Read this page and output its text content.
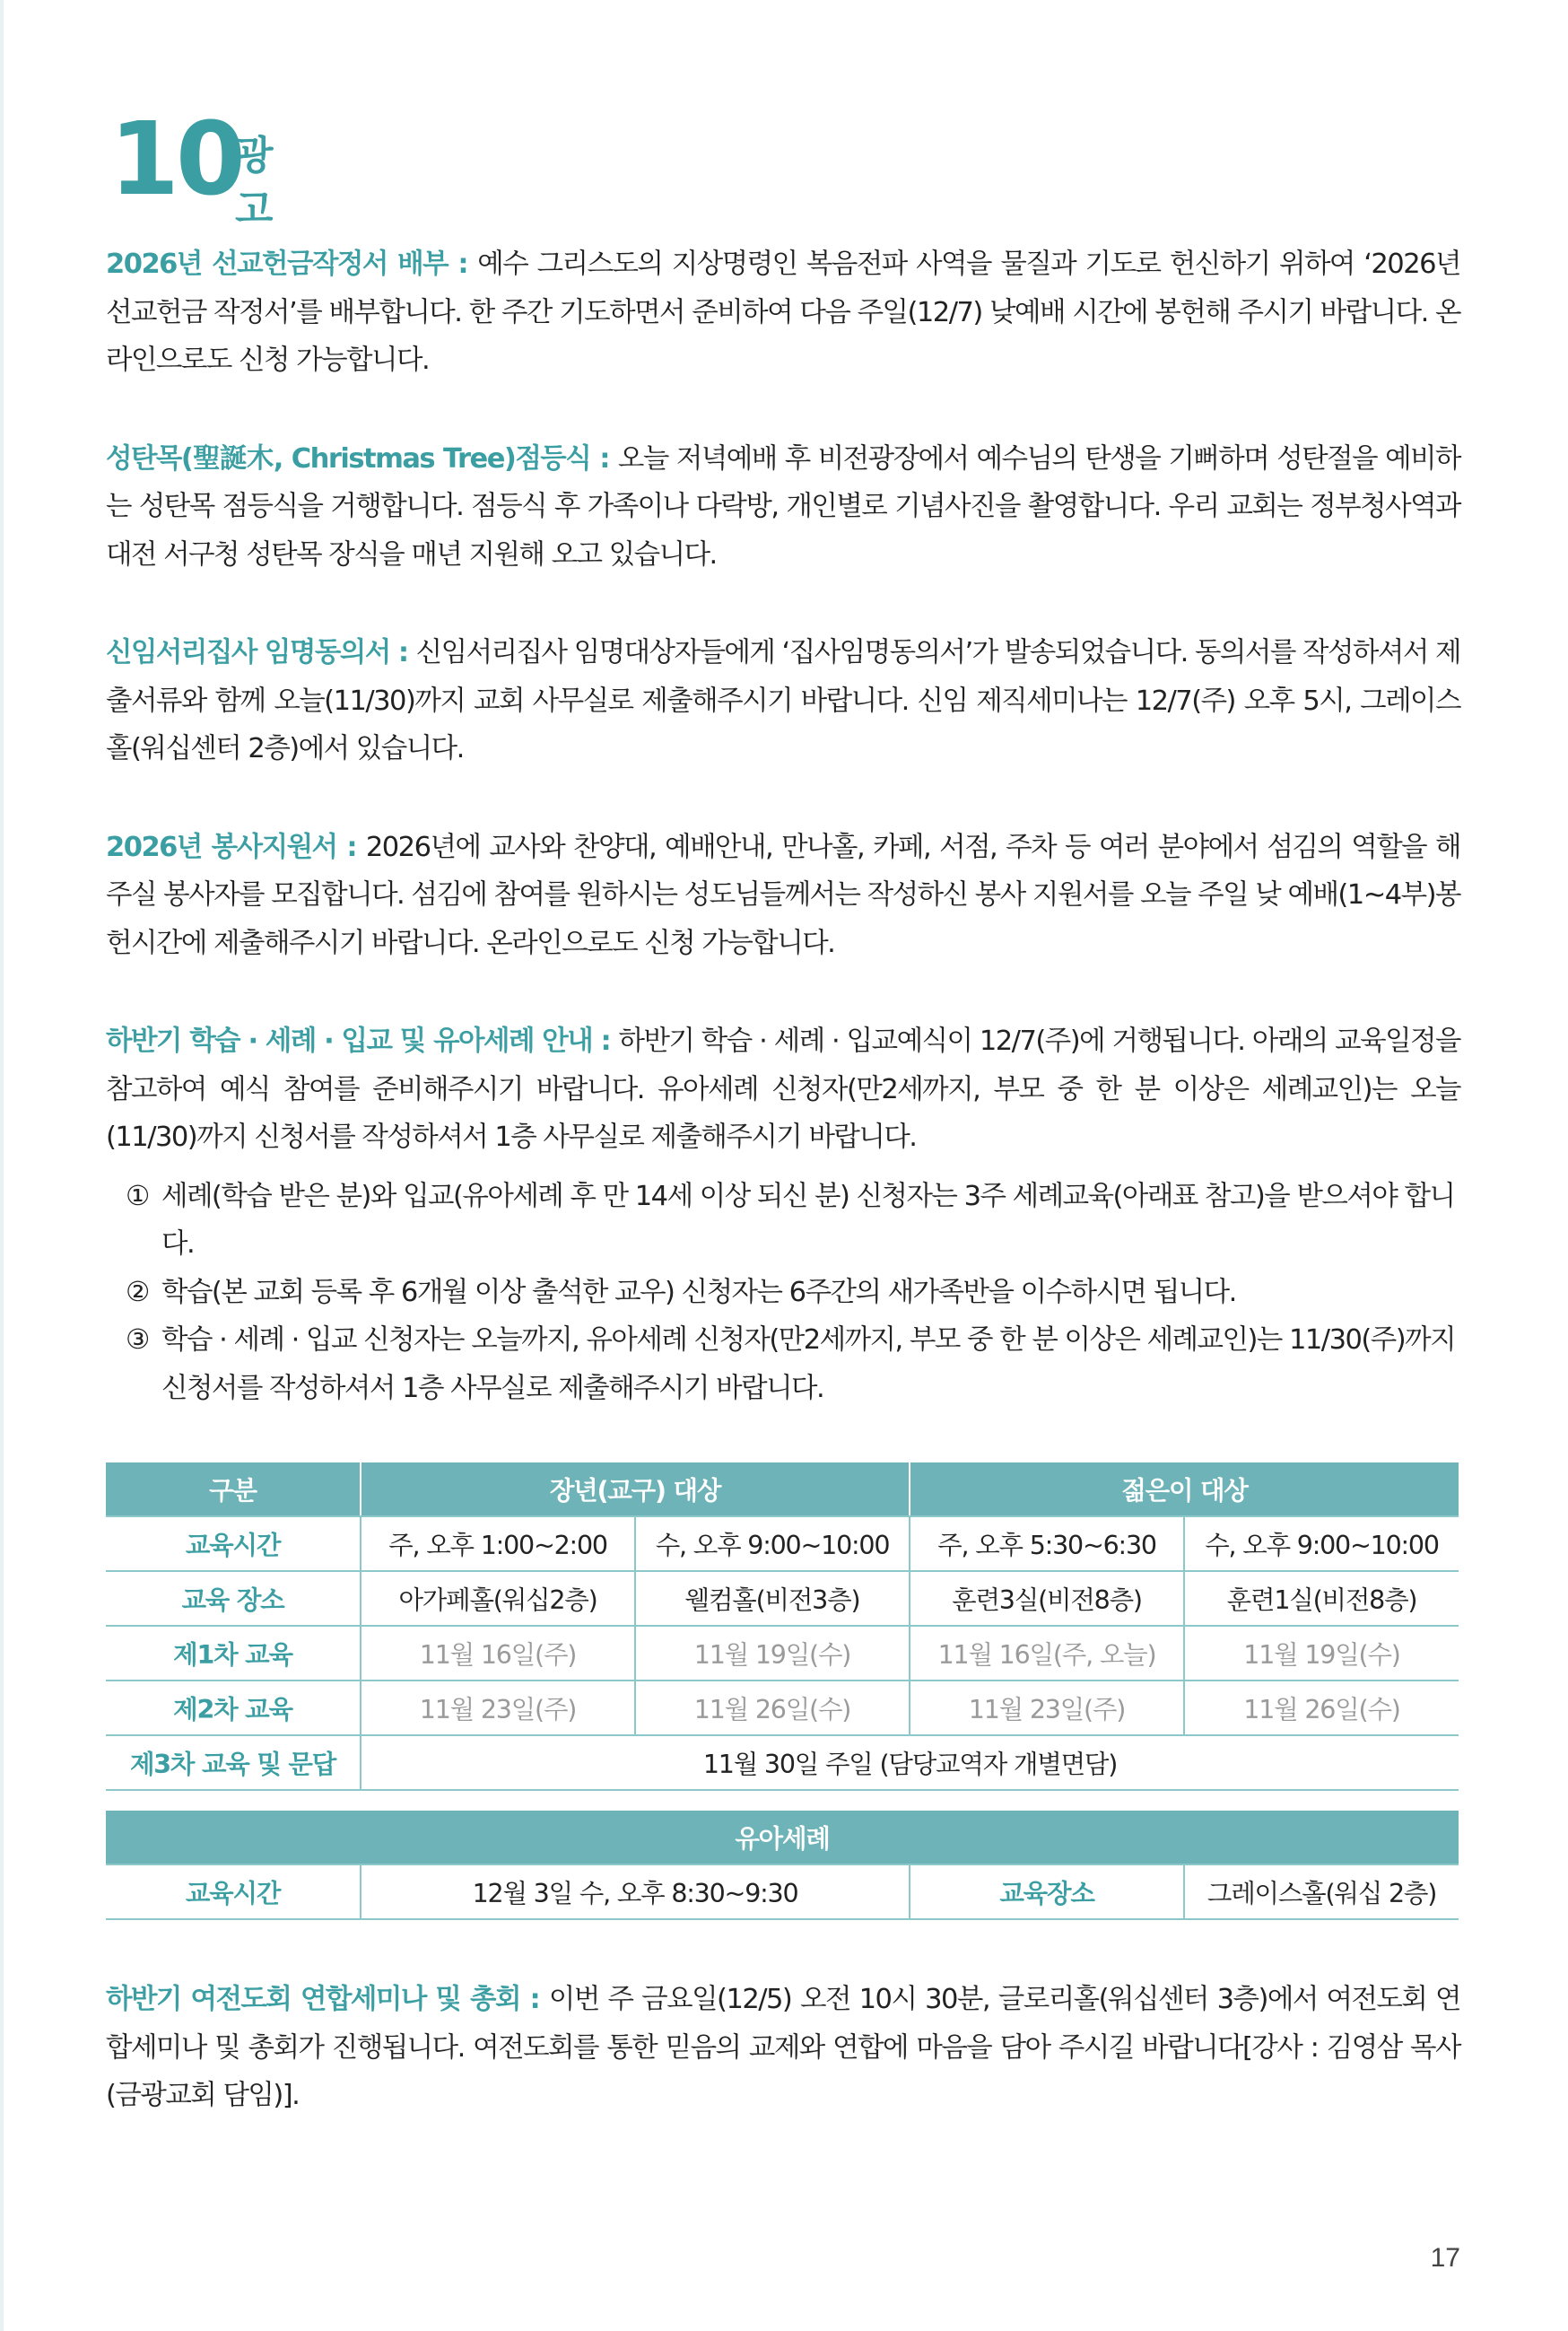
10
광고

2026년 선교헌금작정서 배부 : 예수 그리스도의 지상명령인 복음전파 사역을 물질과 기도로 헌신하기 위하여 ‘2026년 선교헌금 작정서’를 배부합니다. 한 주간 기도하면서 준비하여 다음 주일(12/7) 낮예배 시간에 봉헌해 주시기 바랍니다. 온라인으로도 신청 가능합니다.

성탄목(聖誕木, Christmas Tree)점등식 : 오늘 저녁예배 후 비전광장에서 예수님의 탄생을 기뻐하며 성탄절을 예비하는 성탄목 점등식을 거행합니다. 점등식 후 가족이나 다락방, 개인별로 기념사진을 촬영합니다. 우리 교회는 정부청사역과 대전 서구청 성탄목 장식을 매년 지원해 오고 있습니다.

신임서리집사 임명동의서 : 신임서리집사 임명대상자들에게 ‘집사임명동의서’가 발송되었습니다. 동의서를 작성하셔서 제출서류와 함께 오늘(11/30)까지 교회 사무실로 제출해주시기 바랍니다. 신임 제직세미나는 12/7(주) 오후 5시, 그레이스홀(워십센터 2층)에서 있습니다.

2026년 봉사지원서 : 2026년에 교사와 찬양대, 예배안내, 만나홀, 카페, 서점, 주차 등 여러 분야에서 섬김의 역할을 해주실 봉사자를 모집합니다. 섬김에 참여를 원하시는 성도님들께서는 작성하신 봉사 지원서를 오늘 주일 낮 예배(1~4부)봉헌시간에 제출해주시기 바랍니다. 온라인으로도 신청 가능합니다.

하반기 학습 · 세례 · 입교 및 유아세례 안내 : 하반기 학습 · 세례 · 입교예식이 12/7(주)에 거행됩니다. 아래의 교육일정을 참고하여 예식 참여를 준비해주시기 바랍니다. 유아세례 신청자(만2세까지, 부모 중 한 분 이상은 세례교인)는 오늘(11/30)까지 신청서를 작성하셔서 1층 사무실로 제출해주시기 바랍니다.

① 세례(학습 받은 분)와 입교(유아세례 후 만 14세 이상 되신 분) 신청자는 3주 세례교육(아래표 참고)을 받으셔야 합니다.
② 학습(본 교회 등록 후 6개월 이상 출석한 교우) 신청자는 6주간의 새가족반을 이수하시면 됩니다.
③ 학습 · 세례 · 입교 신청자는 오늘까지, 유아세례 신청자(만2세까지, 부모 중 한 분 이상은 세례교인)는 11/30(주)까지 신청서를 작성하셔서 1층 사무실로 제출해주시기 바랍니다.
구분	장년(교구) 대상		젊은이 대상	
교육시간	주, 오후 1:00~2:00	수, 오후 9:00~10:00	주, 오후 5:30~6:30	수, 오후 9:00~10:00
교육 장소	아가페홀(워십2층)	웰컴홀(비전3층)	훈련3실(비전8층)	훈련1실(비전8층)
제1차 교육	11월 16일(주)	11월 19일(수)	11월 16일(주, 오늘)	11월 19일(수)
제2차 교육	11월 23일(주)	11월 26일(수)	11월 23일(주)	11월 26일(수)
제3차 교육 및 문답	11월 30일 주일 (담당교역자 개별면담)			
유아세례
교육시간	12월 3일 수, 오후 8:30~9:30	교육장소	그레이스홀(워십 2층)

하반기 여전도회 연합세미나 및 총회 : 이번 주 금요일(12/5) 오전 10시 30분, 글로리홀(워십센터 3층)에서 여전도회 연합세미나 및 총회가 진행됩니다. 여전도회를 통한 믿음의 교제와 연합에 마음을 담아 주시길 바랍니다[강사 : 김영삼 목사(금광교회 담임)].

17
